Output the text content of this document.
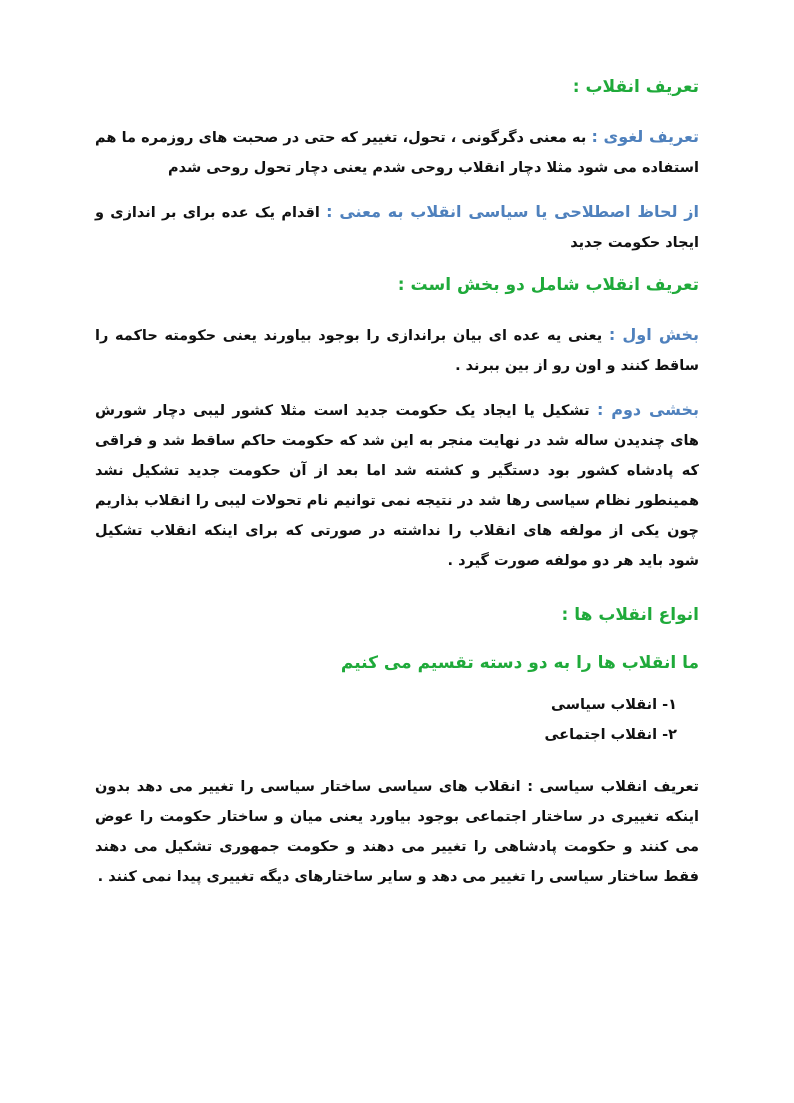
تعریف انقلاب :

تعریف لغوی : به معنی دگرگونی ، تحول، تغییر که حتی در صحبت های روزمره ما هم استفاده می شود مثلا دچار انقلاب روحی شدم یعنی دچار تحول روحی شدم

از لحاظ اصطلاحی یا سیاسی انقلاب به معنی : اقدام یک عده برای بر اندازی و ایجاد حکومت جدید

تعریف انقلاب شامل دو بخش است :

بخش اول : یعنی یه عده ای بیان براندازی را بوجود بیاورند یعنی حکومته حاکمه را ساقط کنند و اون رو از بین ببرند .

بخشی دوم : تشکیل یا ایجاد یک حکومت جدید است مثلا کشور لیبی دچار شورش های چندیدن ساله شد در نهایت منجر به این شد که حکومت حاکم ساقط شد و فراقی که پادشاه کشور بود دستگیر و کشته شد اما بعد از آن حکومت جدید تشکیل نشد همینطور نظام سیاسی رها شد در نتیجه نمی توانیم نام تحولات لیبی را انقلاب بذاریم چون یکی از مولفه های انقلاب را نداشته در صورتی که برای اینکه انقلاب تشکیل شود باید هر دو مولفه صورت گیرد .

انواع انقلاب ها :

ما انقلاب ها را به دو دسته تقسیم می کنیم

۱- انقلاب سیاسی
۲- انقلاب اجتماعی

تعریف انقلاب سیاسی : انقلاب های سیاسی ساختار سیاسی را تغییر می دهد بدون اینکه تغییری در ساختار اجتماعی بوجود بیاورد یعنی میان و ساختار حکومت را عوض می کنند و حکومت پادشاهی را تغییر می دهند و حکومت جمهوری تشکیل می دهند فقط ساختار سیاسی را تغییر می دهد و سایر ساختارهای دیگه تغییری پیدا نمی کنند .
